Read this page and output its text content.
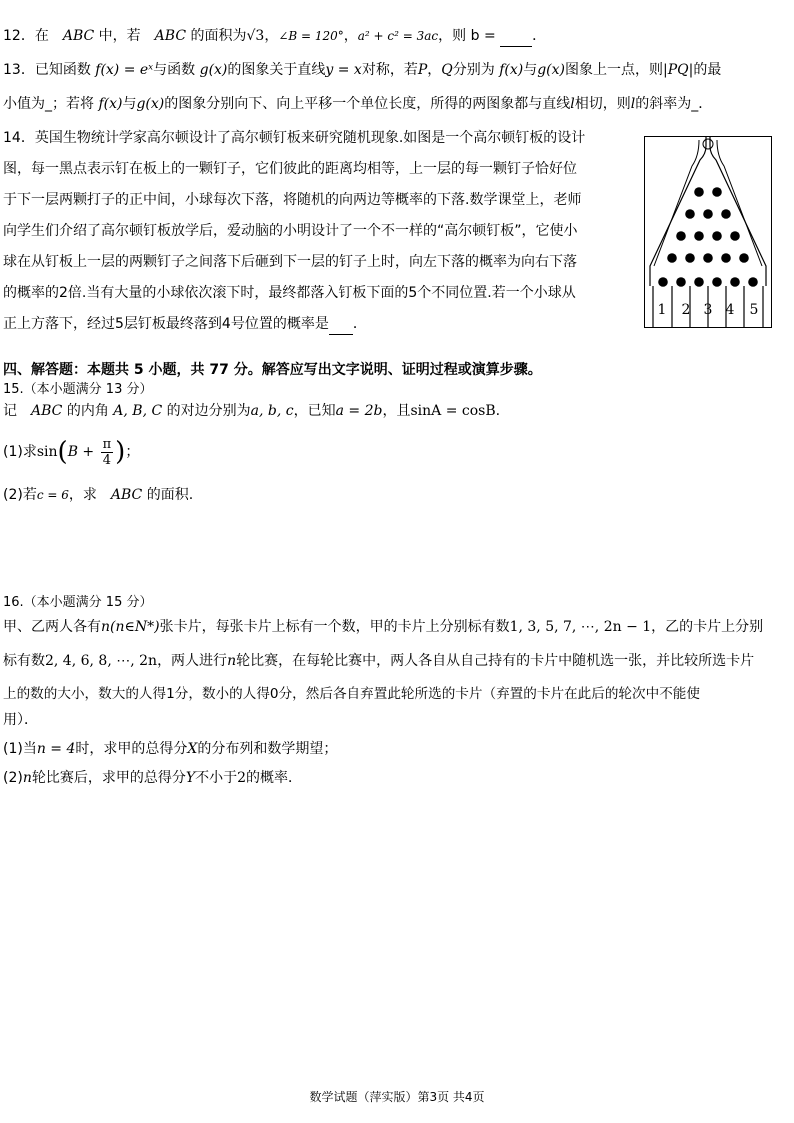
12．在　ABC 中，若　ABC 的面积为√3，∠B = 120°，a² + c² = 3ac，则 b =  ．
13．已知函数 f(x) = eˣ与函数 g(x)的图象关于直线y = x对称，若P，Q分别为 f(x)与g(x)图象上一点，则|PQ|的最
小值为_；若将 f(x)与g(x)的图象分别向下、向上平移一个单位长度，所得的两图象都与直线l相切，则l的斜率为_．
14．英国生物统计学家高尔顿设计了高尔顿钉板来研究随机现象.如图是一个高尔顿钉板的设计
图，每一黑点表示钉在板上的一颗钉子，它们彼此的距离均相等，上一层的每一颗钉子恰好位
于下一层两颗打子的正中间，小球每次下落，将随机的向两边等概率的下落.数学课堂上，老师
向学生们介绍了高尔顿钉板放学后，爱动脑的小明设计了一个不一样的“高尔顿钉板”，它使小
球在从钉板上一层的两颗钉子之间落下后砸到下一层的钉子上时，向左下落的概率为向右下落
的概率的2倍.当有大量的小球依次滚下时，最终都落入钉板下面的5个不同位置.若一个小球从
正上方落下，经过5层钉板最终落到4号位置的概率是 ．
1 2 3 4 5
四、解答题：本题共 5 小题，共 77 分。解答应写出文字说明、证明过程或演算步骤。
15.（本小题满分 13 分）
记　ABC 的内角 A, B, C 的对边分别为a, b, c，已知a = 2b，且sinA = cosB.
(1)求$\sin(B + \frac{\pi}{4}$ )；
(2)若c = 6，求　ABC 的面积.
16.（本小题满分 15 分）
甲、乙两人各有n(n∈N*)张卡片，每张卡片上标有一个数，甲的卡片上分别标有数1, 3, 5, 7, ⋯, 2n − 1，乙的卡片上分别
标有数2, 4, 6, 8, ⋯, 2n，两人进行n轮比赛，在每轮比赛中，两人各自从自己持有的卡片中随机选一张，并比较所选卡片
上的数的大小，数大的人得1分，数小的人得0分，然后各自弃置此轮所选的卡片（弃置的卡片在此后的轮次中不能使
用）．
(1)当n = 4时，求甲的总得分X的分布列和数学期望；
(2)n轮比赛后，求甲的总得分Y不小于2的概率．
数学试题（萍实版）第3页 共4页
